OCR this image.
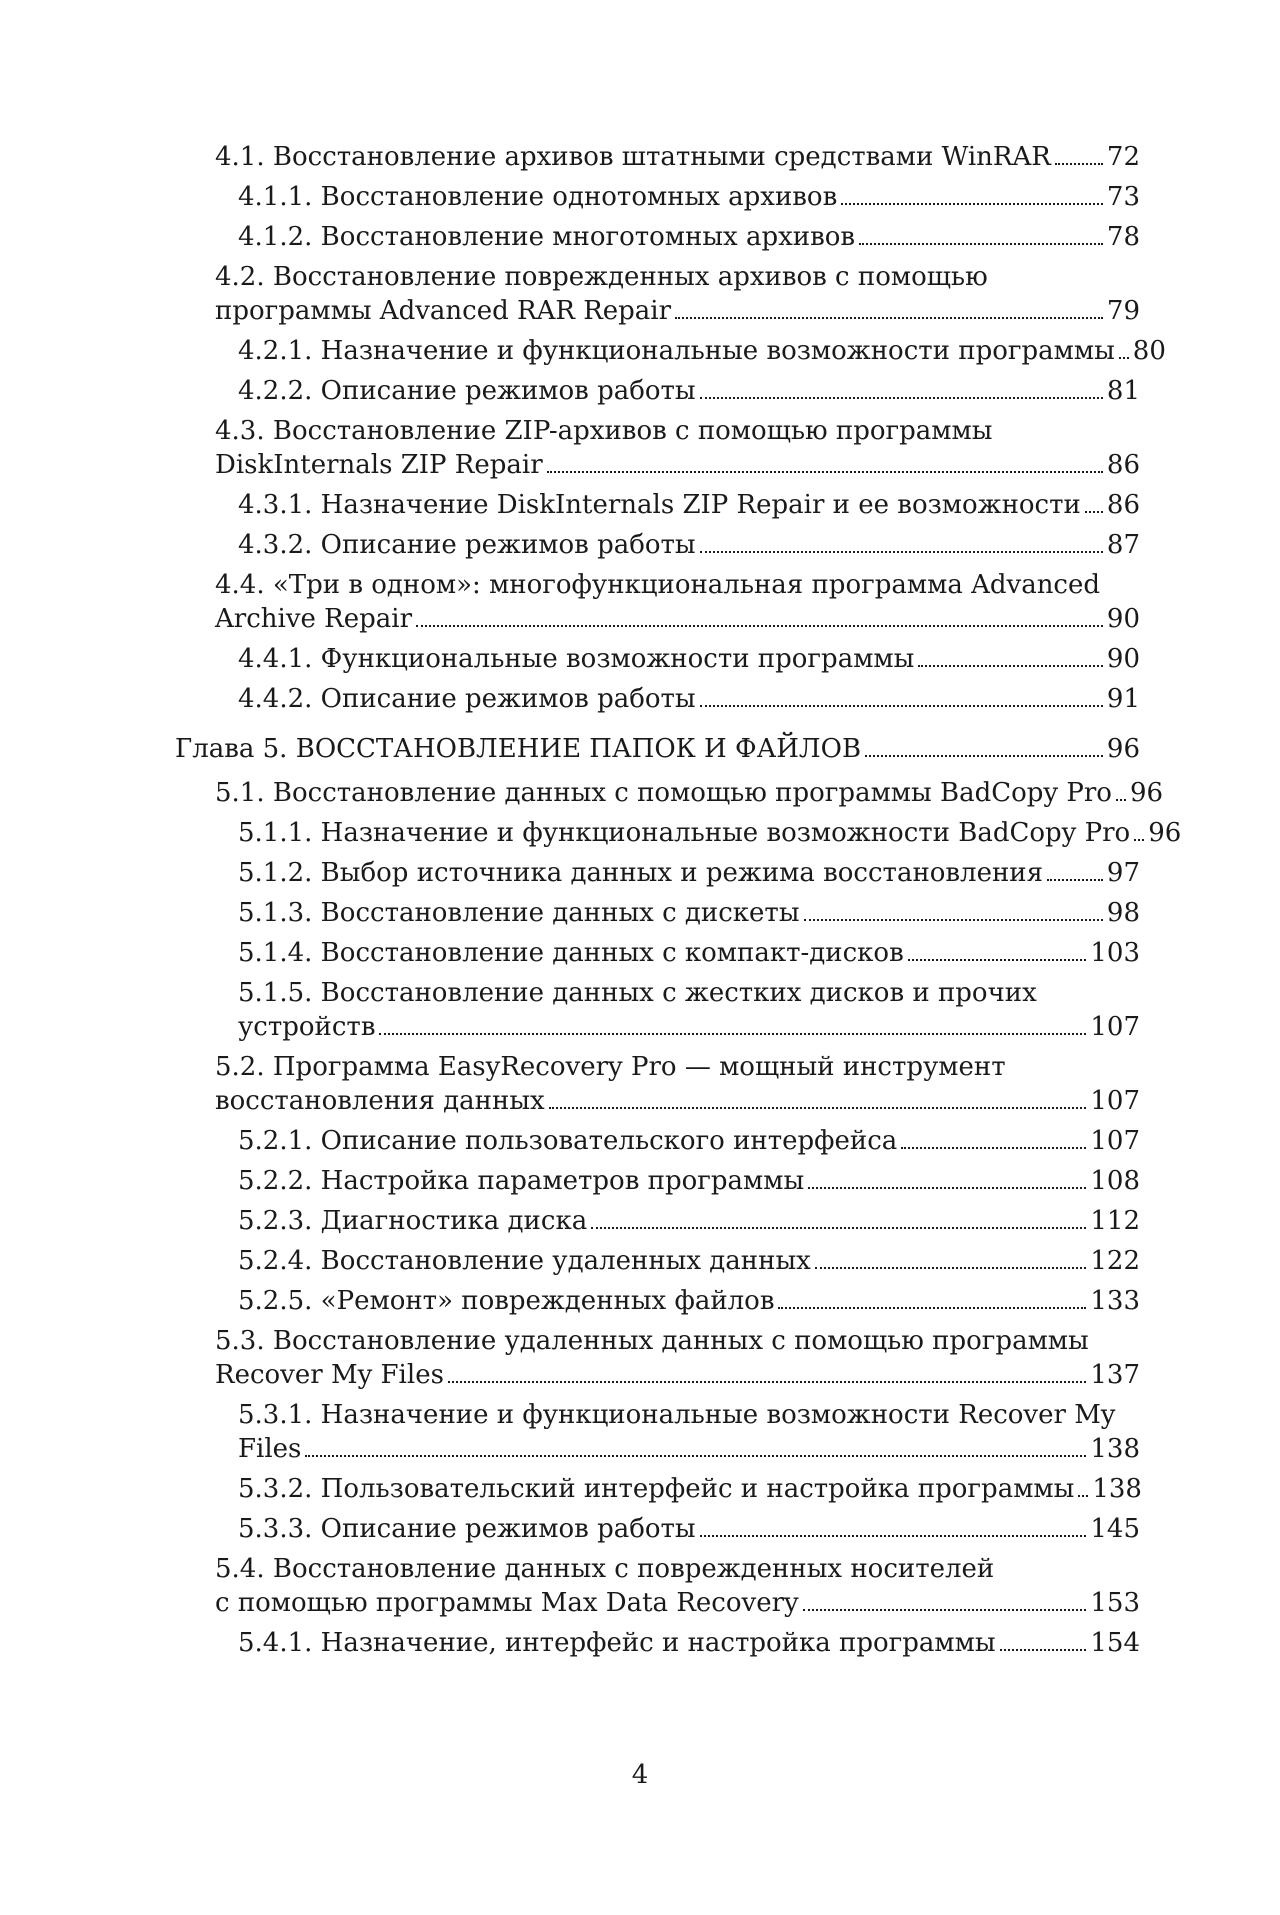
4.1. Восстановление архивов штатными средствами WinRAR 72
4.1.1. Восстановление однотомных архивов	73
4.1.2. Восстановление многотомных архивов	78
4.2. Восстановление поврежденных архивов с помощью
программы Advanced RAR Repair	79
4.2.1. Назначение и функциональные возможности программы 80
4.2.2. Описание режимов работы	81
4.3. Восстановление ZIP-архивов с помощью программы
DiskInternals ZIP Repair	86
4.3.1. Назначение DiskInternals ZIP Repair и ее возможности 86
4.3.2. Описание режимов работы	87
4.4. «Три в одном»: многофункциональная программа Advanced
Archive Repair	90
4.4.1. Функциональные возможности программы	90
4.4.2. Описание режимов работы	91
Глава 5. ВОССТАНОВЛЕНИЕ ПАПОК И ФАЙЛОВ	96
5.1. Восстановление данных с помощью программы BadCopy Pro 96
5.1.1. Назначение и функциональные возможности BadCopy Pro 96
5.1.2. Выбор источника данных и режима восстановления 97
5.1.3. Восстановление данных с дискеты	98
5.1.4. Восстановление данных с компакт-дисков	103
5.1.5. Восстановление данных с жестких дисков и прочих
устройств	107
5.2. Программа EasyRecovery Pro — мощный инструмент
восстановления данных	107
5.2.1. Описание пользовательского интерфейса	107
5.2.2. Настройка параметров программы	108
5.2.3. Диагностика диска	112
5.2.4. Восстановление удаленных данных	122
5.2.5. «Ремонт» поврежденных файлов	133
5.3. Восстановление удаленных данных с помощью программы
Recover My Files	137
5.3.1. Назначение и функциональные возможности Recover My
Files	138
5.3.2. Пользовательский интерфейс и настройка программы 138
5.3.3. Описание режимов работы	145
5.4. Восстановление данных с поврежденных носителей
с помощью программы Max Data Recovery	153
5.4.1. Назначение, интерфейс и настройка программы	154
4
